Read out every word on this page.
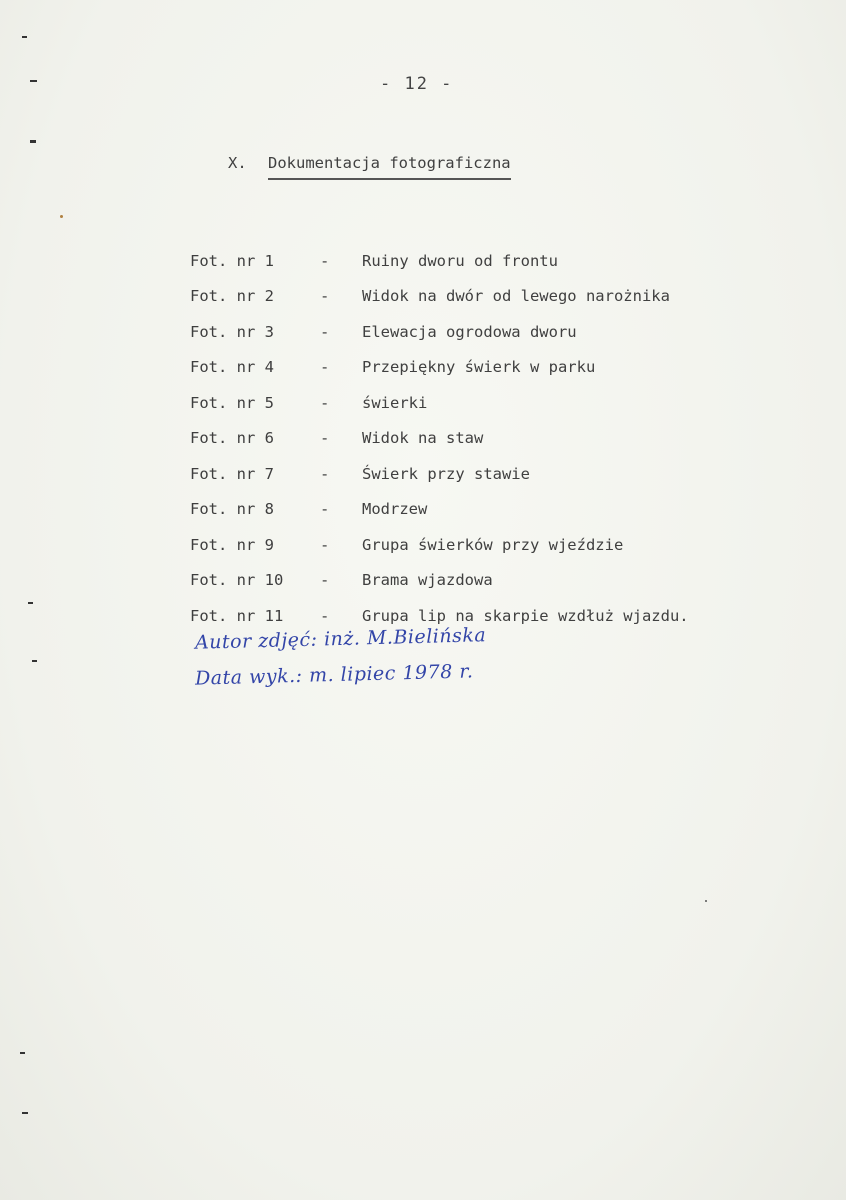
- 12 -
X. Dokumentacja fotograficzna
Fot. nr 1	-	Ruiny dworu od frontu
Fot. nr 2	-	Widok na dwór od lewego narożnika
Fot. nr 3	-	Elewacja ogrodowa dworu
Fot. nr 4	-	Przepiękny świerk w parku
Fot. nr 5	-	świerki
Fot. nr 6	-	Widok na staw
Fot. nr 7	-	Świerk przy stawie
Fot. nr 8	-	Modrzew
Fot. nr 9	-	Grupa świerków przy wjeździe
Fot. nr 10	-	Brama wjazdowa
Fot. nr 11	-	Grupa lip na skarpie wzdłuż wjazdu.
Autor zdjęć: inż. M.Bielińska
Data wyk.: m. lipiec 1978 r.
